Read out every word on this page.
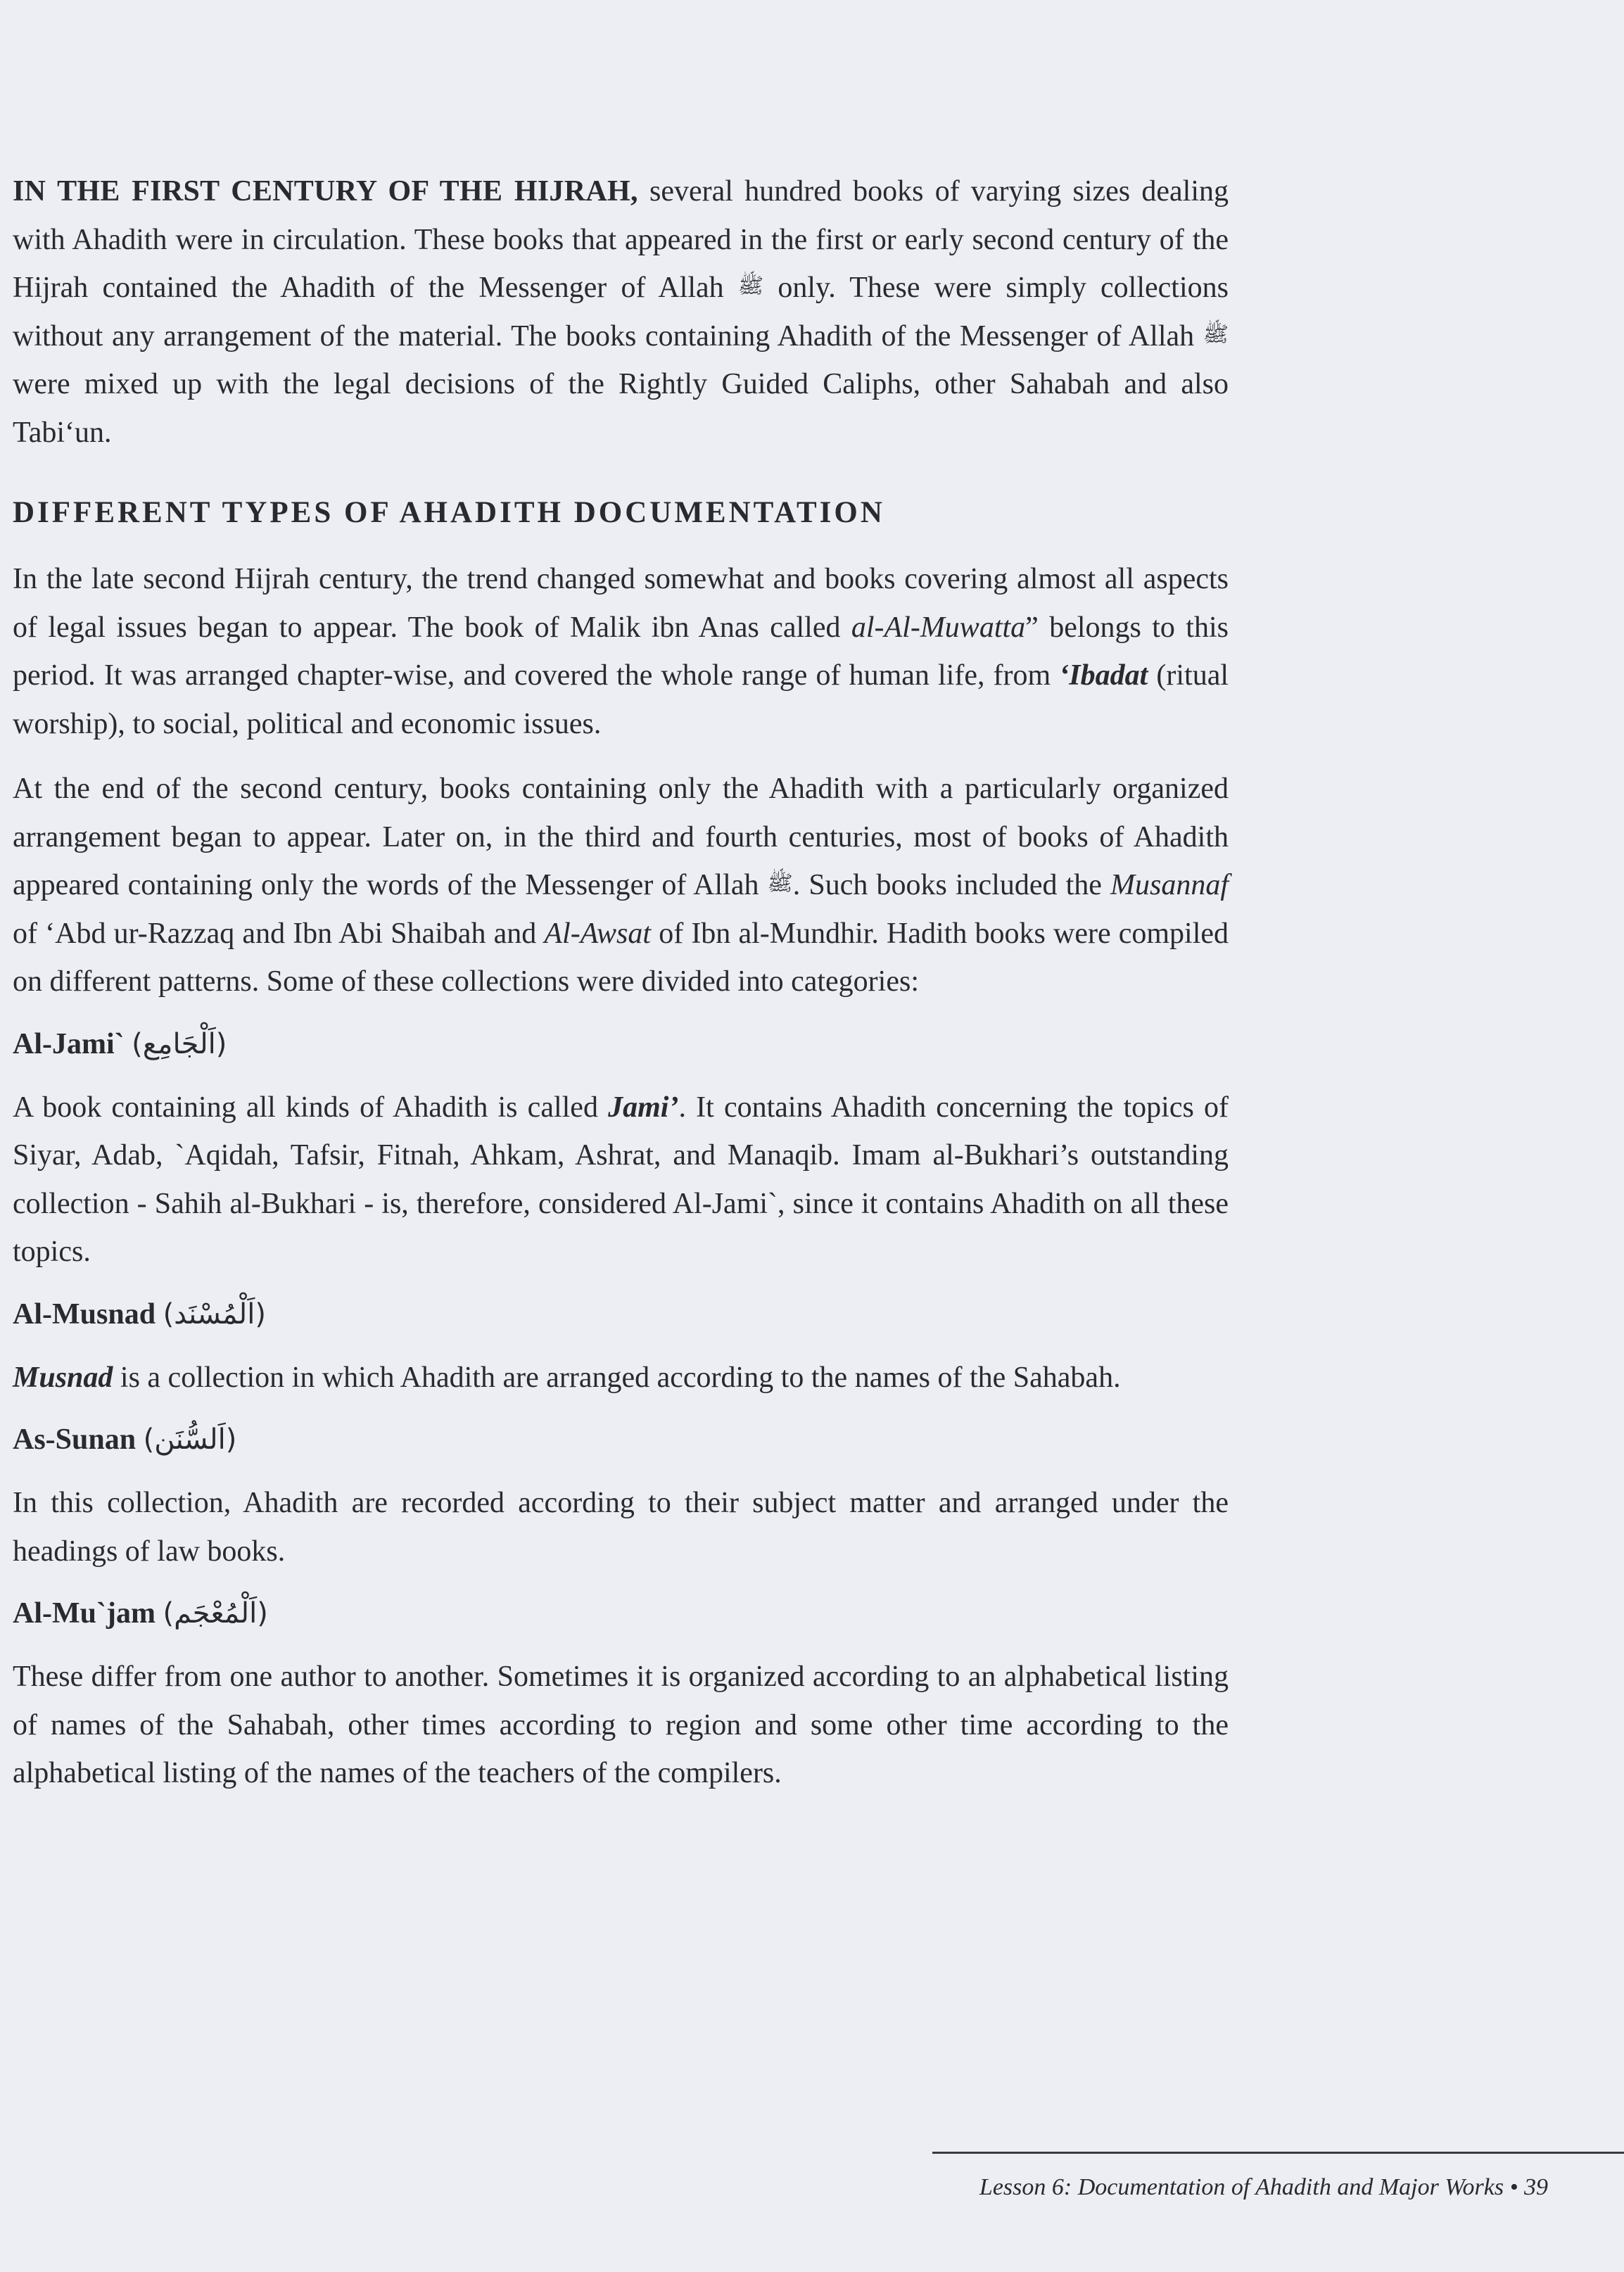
IN THE FIRST CENTURY OF THE HIJRAH, several hundred books of varying sizes dealing with Ahadith were in circulation. These books that appeared in the first or early second century of the Hijrah contained the Ahadith of the Messenger of Allah ﷺ only. These were simply collections without any arrangement of the material. The books containing Ahadith of the Messenger of Allah ﷺ were mixed up with the legal decisions of the Rightly Guided Caliphs, other Sahabah and also Tabi‘un.

DIFFERENT TYPES OF AHADITH DOCUMENTATION

In the late second Hijrah century, the trend changed somewhat and books covering almost all aspects of legal issues began to appear. The book of Malik ibn Anas called al-Al-Muwatta” belongs to this period. It was arranged chapter-wise, and covered the whole range of human life, from ‘Ibadat (ritual worship), to social, political and economic issues.

At the end of the second century, books containing only the Ahadith with a particularly organized arrangement began to appear. Later on, in the third and fourth centuries, most of books of Ahadith appeared containing only the words of the Messenger of Allah ﷺ. Such books included the Musannaf of ‘Abd ur-Razzaq and Ibn Abi Shaibah and Al-Awsat of Ibn al-Mundhir. Hadith books were compiled on different patterns. Some of these collections were divided into categories:

Al-Jami` (اَلْجَامِع)

A book containing all kinds of Ahadith is called Jami’. It contains Ahadith concerning the topics of Siyar, Adab, `Aqidah, Tafsir, Fitnah, Ahkam, Ashrat, and Manaqib. Imam al-Bukhari’s outstanding collection - Sahih al-Bukhari - is, therefore, considered Al-Jami`, since it contains Ahadith on all these topics.

Al-Musnad (اَلْمُسْنَد)

Musnad is a collection in which Ahadith are arranged according to the names of the Sahabah.

As-Sunan (اَلسُّنَن)

In this collection, Ahadith are recorded according to their subject matter and arranged under the headings of law books.

Al-Mu`jam (اَلْمُعْجَم)

These differ from one author to another. Sometimes it is organized according to an alphabetical listing of names of the Sahabah, other times according to region and some other time according to the alphabetical listing of the names of the teachers of the compilers.

Lesson 6: Documentation of Ahadith and Major Works • 39
